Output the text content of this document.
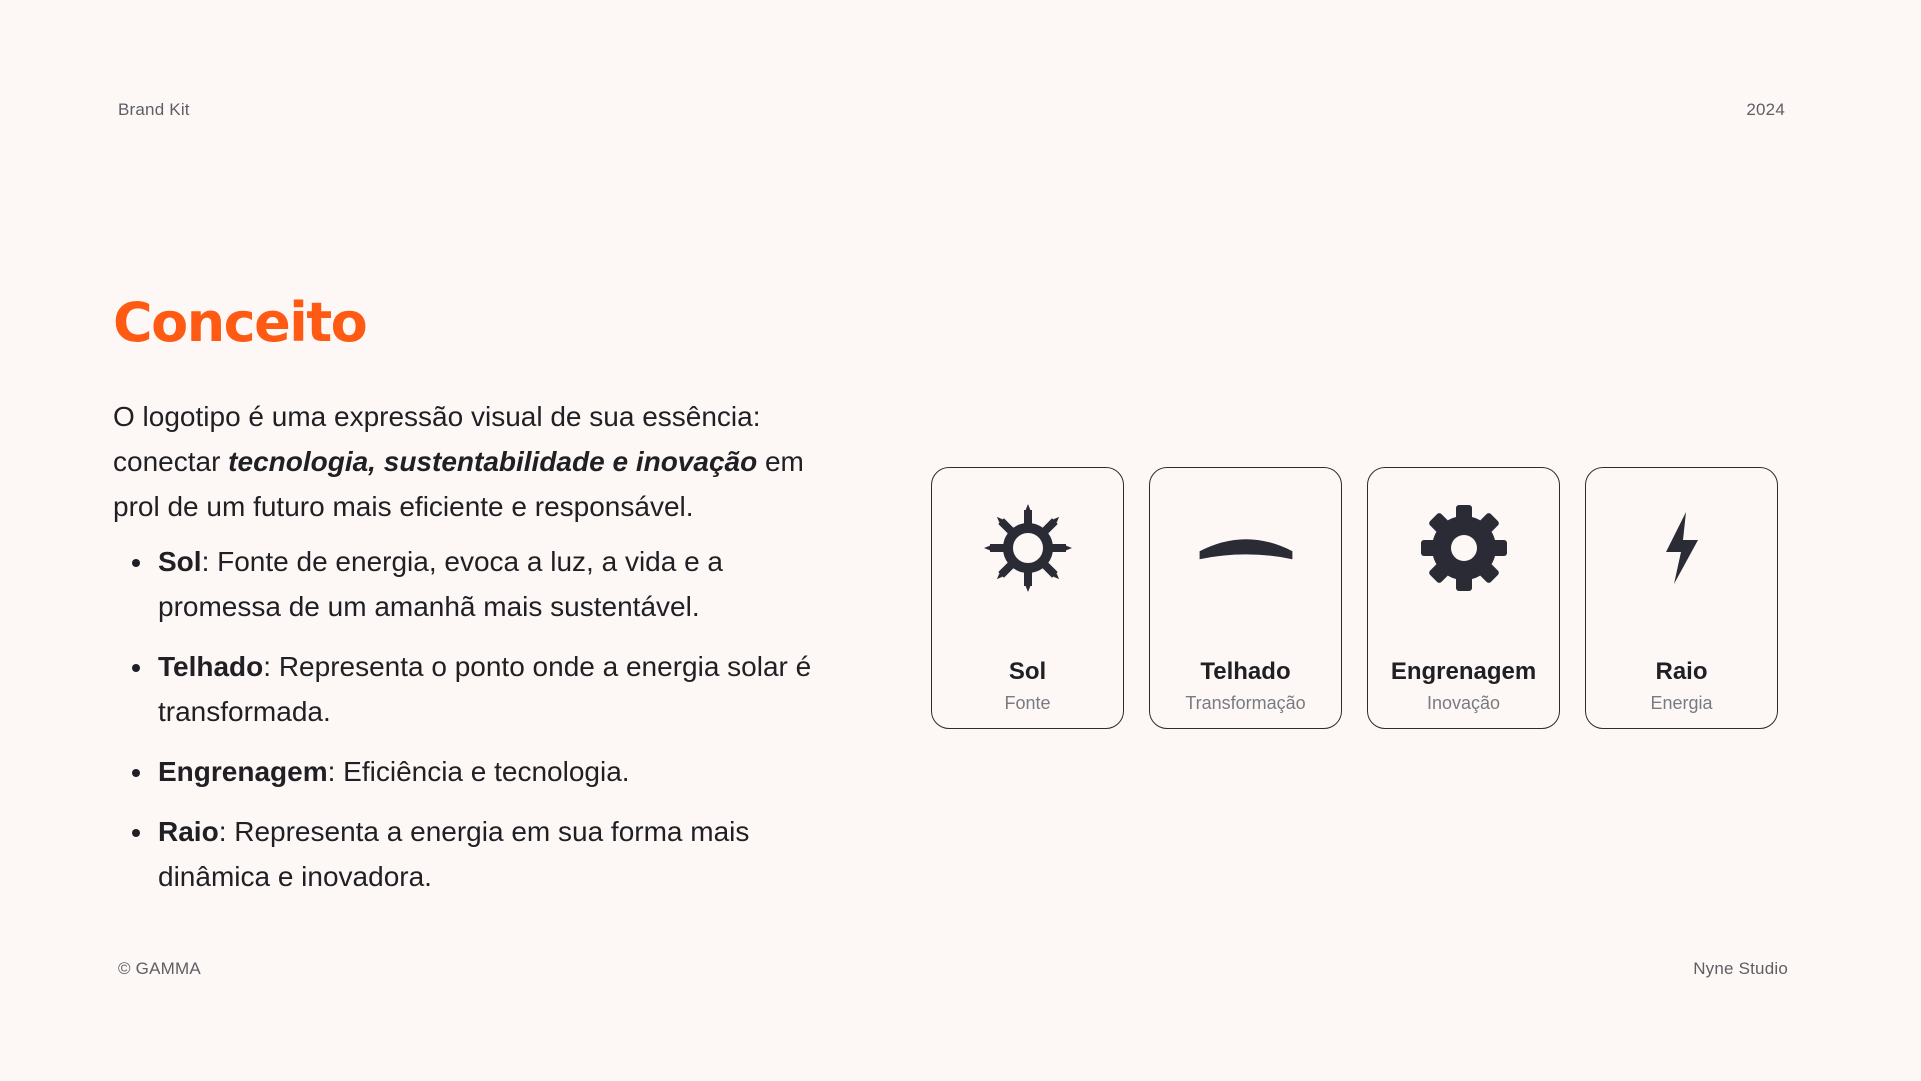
Brand Kit	2024
Conceito

O logotipo é uma expressão visual de sua essência: conectar tecnologia, sustentabilidade e inovação em prol de um futuro mais eficiente e responsável.

Sol: Fonte de energia, evoca a luz, a vida e a promessa de um amanhã mais sustentável.
Telhado: Representa o ponto onde a energia solar é transformada.
Engrenagem: Eficiência e tecnologia.
Raio: Representa a energia em sua forma mais dinâmica e inovadora.
Sol
Fonte
Telhado
Transformação
Engrenagem
Inovação
Raio
Energia
© GAMMA	Nyne Studio
